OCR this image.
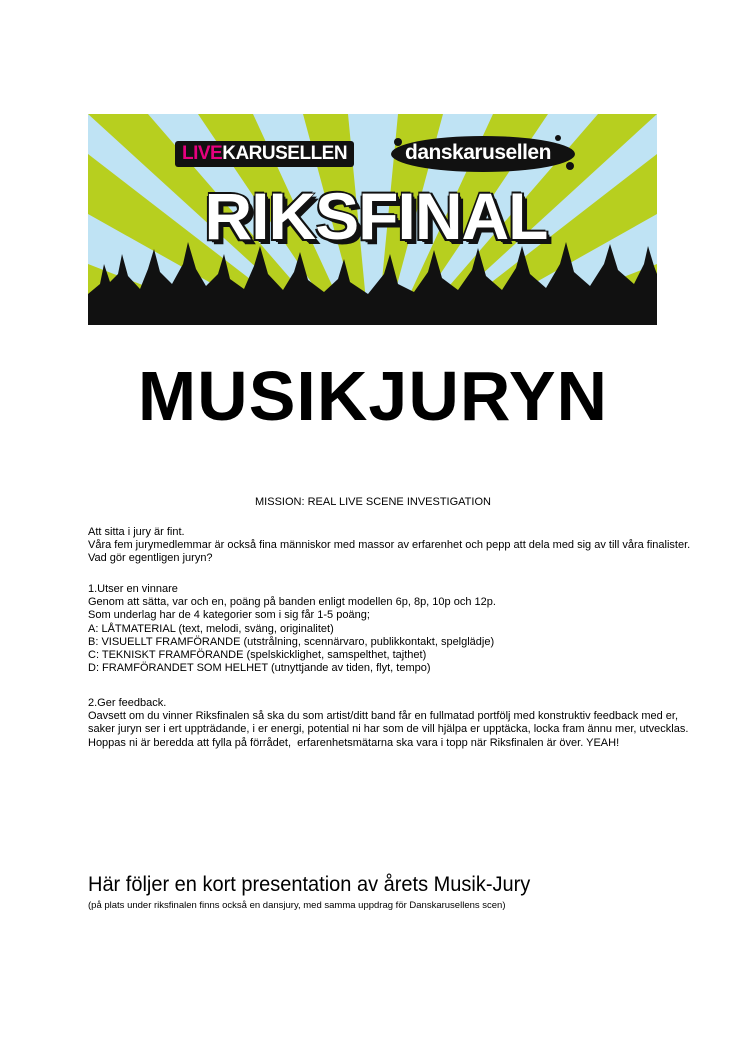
LIVE KARUSELLEN	danskarusellen
RIKSFINAL
MUSIKJURYN
MISSION: REAL LIVE SCENE INVESTIGATION
Att sitta i jury är fint.
Våra fem jurymedlemmar är också fina människor med massor av erfarenhet och pepp att dela med sig av till våra finalister.
Vad gör egentligen juryn?
1.Utser en vinnare
Genom att sätta, var och en, poäng på banden enligt modellen 6p, 8p, 10p och 12p.
Som underlag har de 4 kategorier som i sig får 1-5 poäng;
A: LÅTMATERIAL (text, melodi, sväng, originalitet)
B: VISUELLT FRAMFÖRANDE (utstrålning, scennärvaro, publikkontakt, spelglädje)
C: TEKNISKT FRAMFÖRANDE (spelskicklighet, samspelthet, tajthet)
D: FRAMFÖRANDET SOM HELHET (utnyttjande av tiden, flyt, tempo)
2.Ger feedback.
Oavsett om du vinner Riksfinalen så ska du som artist/ditt band får en fullmatad portfölj med konstruktiv feedback med er,
saker juryn ser i ert uppträdande, i er energi, potential ni har som de vill hjälpa er upptäcka, locka fram ännu mer, utvecklas.
Hoppas ni är beredda att fylla på förrådet,  erfarenhetsmätarna ska vara i topp när Riksfinalen är över. YEAH!
Här följer en kort presentation av årets Musik-Jury
(på plats under riksfinalen finns också en dansjury, med samma uppdrag för Danskarusellens scen)
